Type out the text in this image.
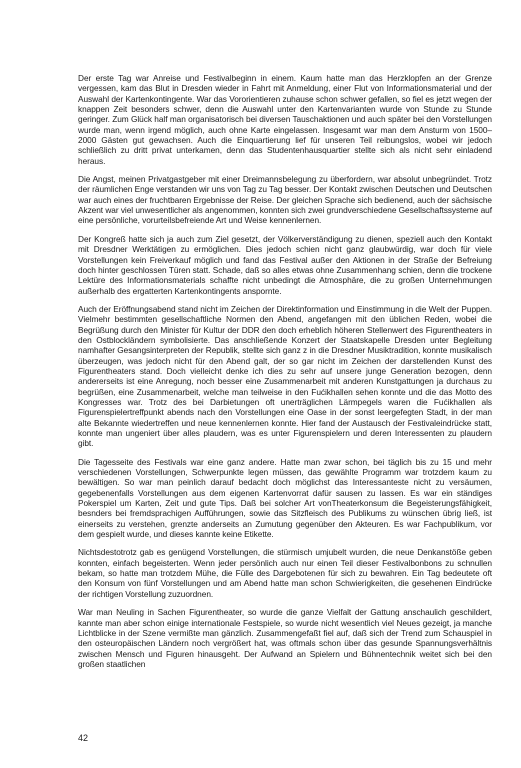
Der erste Tag war Anreise und Festivalbeginn in einem. Kaum hatte man das Herzklopfen an der Grenze vergessen, kam das Blut in Dresden wieder in Fahrt mit Anmeldung, einer Flut von Informationsmaterial und der Auswahl der Kartenkontingente. War das Vororientieren zuhause schon schwer gefallen, so fiel es jetzt wegen der knappen Zeit besonders schwer, denn die Auswahl unter den Kartenvarianten wurde von Stunde zu Stunde geringer. Zum Glück half man organisatorisch bei diversen Tauschaktionen und auch später bei den Vorstellungen wurde man, wenn irgend möglich, auch ohne Karte eingelassen. Insgesamt war man dem Ansturm von 1500–2000 Gästen gut gewachsen. Auch die Einquartierung lief für unseren Teil reibungslos, wobei wir jedoch schließlich zu dritt privat unterkamen, denn das Studentenhausquartier stellte sich als nicht sehr einladend heraus.

Die Angst, meinen Privatgastgeber mit einer Dreimannsbelegung zu überfordern, war absolut unbegründet. Trotz der räumlichen Enge verstanden wir uns von Tag zu Tag besser. Der Kontakt zwischen Deutschen und Deutschen war auch eines der fruchtbaren Ergebnisse der Reise. Der gleichen Sprache sich bedienend, auch der sächsische Akzent war viel unwesentlicher als angenommen, konnten sich zwei grundverschiedene Gesellschaftssysteme auf eine persönliche, vorurteilsbefreiende Art und Weise kennenlernen.

Der Kongreß hatte sich ja auch zum Ziel gesetzt, der Völkerverständigung zu dienen, speziell auch den Kontakt mit Dresdner Werktätigen zu ermöglichen. Dies jedoch schien nicht ganz glaubwürdig, war doch für viele Vorstellungen kein Freiverkauf möglich und fand das Festival außer den Aktionen in der Straße der Befreiung doch hinter geschlossen Türen statt. Schade, daß so alles etwas ohne Zusammenhang schien, denn die trockene Lektüre des Informationsmaterials schaffte nicht unbedingt die Atmosphäre, die zu großen Unternehmungen außerhalb des ergatterten Kartenkontingents anspornte.

Auch der Eröffnungsabend stand nicht im Zeichen der Direktinformation und Einstimmung in die Welt der Puppen. Vielmehr bestimmten gesellschaftliche Normen den Abend, angefangen mit den üblichen Reden, wobei die Begrüßung durch den Minister für Kultur der DDR den doch erheblich höheren Stellenwert des Figurentheaters in den Ostblockländern symbolisierte. Das anschließende Konzert der Staatskapelle Dresden unter Begleitung namhafter Gesangsinterpreten der Republik, stellte sich ganz z in die Dresdner Musiktradition, konnte musikalisch überzeugen, was jedoch nicht für den Abend galt, der so gar nicht im Zeichen der darstellenden Kunst des Figurentheaters stand. Doch vielleicht denke ich dies zu sehr auf unsere junge Generation bezogen, denn andererseits ist eine Anregung, noch besser eine Zusammenarbeit mit anderen Kunstgattungen ja durchaus zu begrüßen, eine Zusammenarbeit, welche man teilweise in den Fućikhallen sehen konnte und die das Motto des Kongresses war. Trotz des bei Darbietungen oft unerträglichen Lärmpegels waren die Fućikhallen als Figurenspielertreffpunkt abends nach den Vorstellungen eine Oase in der sonst leergefegten Stadt, in der man alte Bekannte wiedertreffen und neue kennenlernen konnte. Hier fand der Austausch der Festivaleindrücke statt, konnte man ungeniert über alles plaudern, was es unter Figurenspielern und deren Interessenten zu plaudern gibt.

Die Tagesseite des Festivals war eine ganz andere. Hatte man zwar schon, bei täglich bis zu 15 und mehr verschiedenen Vorstellungen, Schwerpunkte legen müssen, das gewählte Programm war trotzdem kaum zu bewältigen. So war man peinlich darauf bedacht doch möglichst das Interessanteste nicht zu versäumen, gegebenenfalls Vorstellungen aus dem eigenen Kartenvorrat dafür sausen zu lassen. Es war ein ständiges Pokerspiel um Karten, Zeit und gute Tips. Daß bei solcher Art vonTheaterkonsum die Begeisterungsfähigkeit, besnders bei fremdsprachigen Aufführungen, sowie das Sitzfleisch des Publikums zu wünschen übrig ließ, ist einerseits zu verstehen, grenzte anderseits an Zumutung gegenüber den Akteuren. Es war Fachpublikum, vor dem gespielt wurde, und dieses kannte keine Etikette.

Nichtsdestotrotz gab es genügend Vorstellungen, die stürmisch umjubelt wurden, die neue Denkanstöße geben konnten, einfach begeisterten. Wenn jeder persönlich auch nur einen Teil dieser Festivalbonbons zu schnullen bekam, so hatte man trotzdem Mühe, die Fülle des Dargebotenen für sich zu bewahren. Ein Tag bedeutete oft den Konsum von fünf Vorstellungen und am Abend hatte man schon Schwierigkeiten, die gesehenen Eindrücke der richtigen Vorstellung zuzuordnen.

War man Neuling in Sachen Figurentheater, so wurde die ganze Vielfalt der Gattung anschaulich geschildert, kannte man aber schon einige internationale Festspiele, so wurde nicht wesentlich viel Neues gezeigt, ja manche Lichtblicke in der Szene vermißte man gänzlich. Zusammengefaßt fiel auf, daß sich der Trend zum Schauspiel in den osteuropäischen Ländern noch vergrößert hat, was oftmals schon über das gesunde Spannungsverhältnis zwischen Mensch und Figuren hinausgeht. Der Aufwand an Spielern und Bühnentechnik weitet sich bei den großen staatlichen

42
